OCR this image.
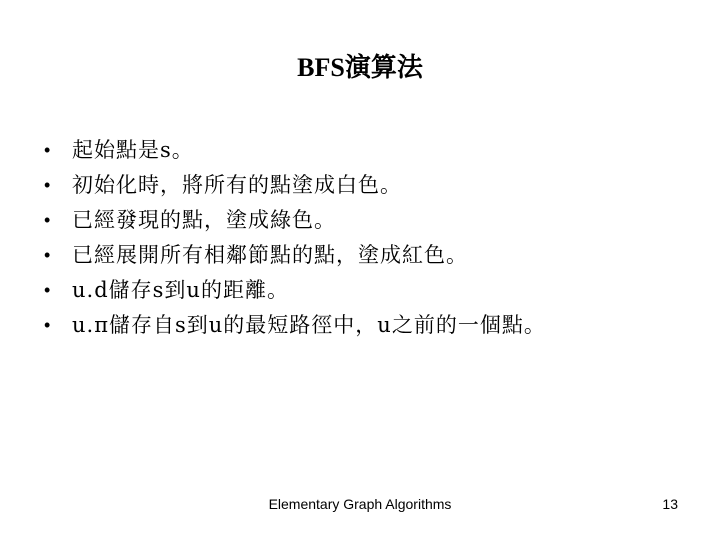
BFS演算法
•	起始點是s。
•	初始化時，將所有的點塗成白色。
•	已經發現的點，塗成綠色。
•	已經展開所有相鄰節點的點，塗成紅色。
•	u.d儲存s到u的距離。
•	u.π儲存自s到u的最短路徑中，u之前的一個點。
Elementary Graph Algorithms	13
